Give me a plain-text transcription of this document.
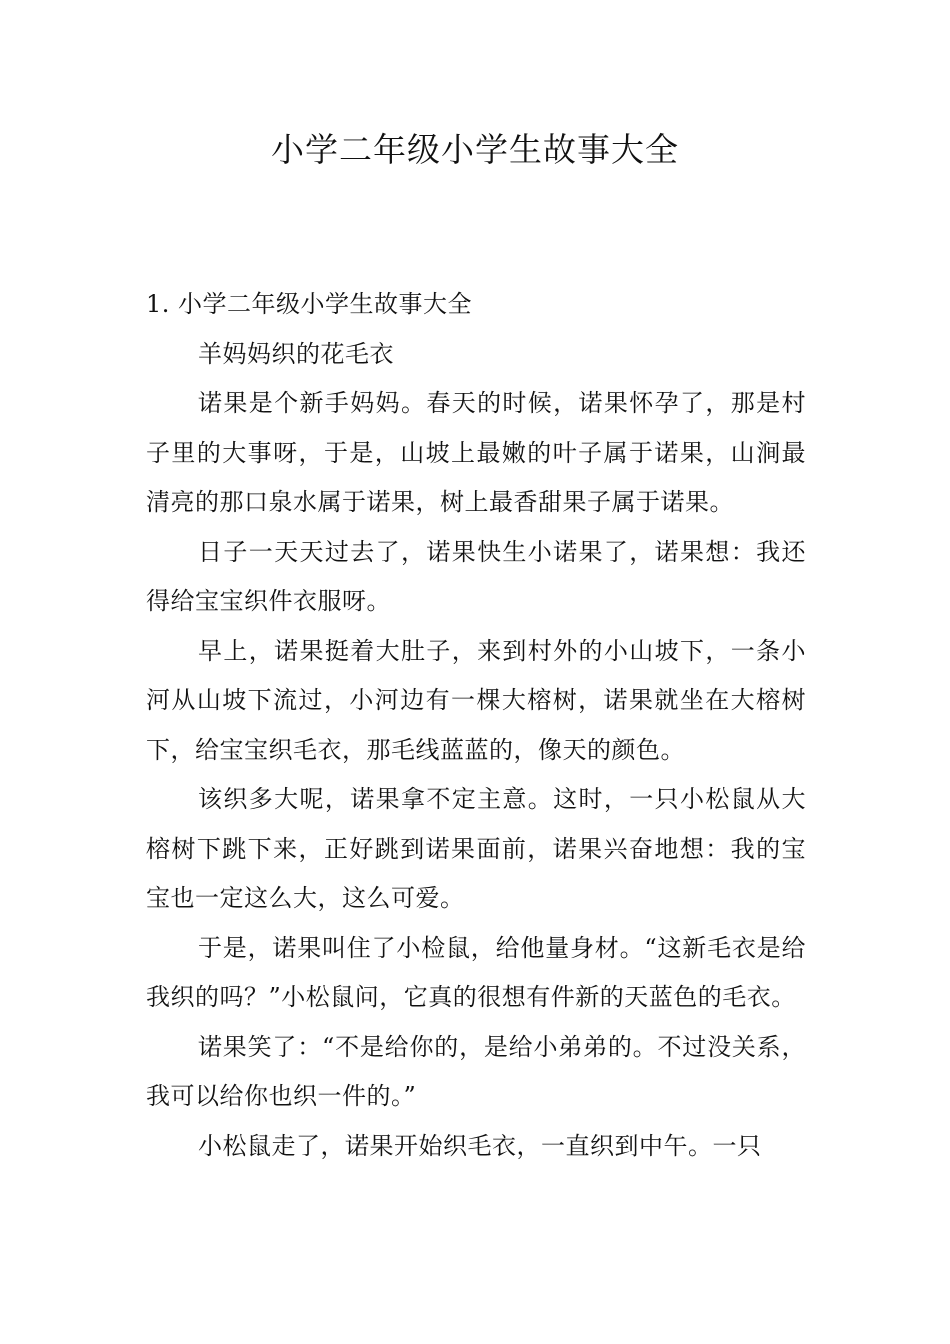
小学二年级小学生故事大全

1. 小学二年级小学生故事大全

羊妈妈织的花毛衣

诺果是个新手妈妈。春天的时候，诺果怀孕了，那是村子里的大事呀，于是，山坡上最嫩的叶子属于诺果，山涧最清亮的那口泉水属于诺果，树上最香甜果子属于诺果。

日子一天天过去了，诺果快生小诺果了，诺果想：我还得给宝宝织件衣服呀。

早上，诺果挺着大肚子，来到村外的小山坡下，一条小河从山坡下流过，小河边有一棵大榕树，诺果就坐在大榕树下，给宝宝织毛衣，那毛线蓝蓝的，像天的颜色。

该织多大呢，诺果拿不定主意。这时，一只小松鼠从大榕树下跳下来，正好跳到诺果面前，诺果兴奋地想：我的宝宝也一定这么大，这么可爱。

于是，诺果叫住了小检鼠，给他量身材。“这新毛衣是给我织的吗？”小松鼠问，它真的很想有件新的天蓝色的毛衣。

诺果笑了：“不是给你的，是给小弟弟的。不过没关系，我可以给你也织一件的。”

小松鼠走了，诺果开始织毛衣，一直织到中午。一只
